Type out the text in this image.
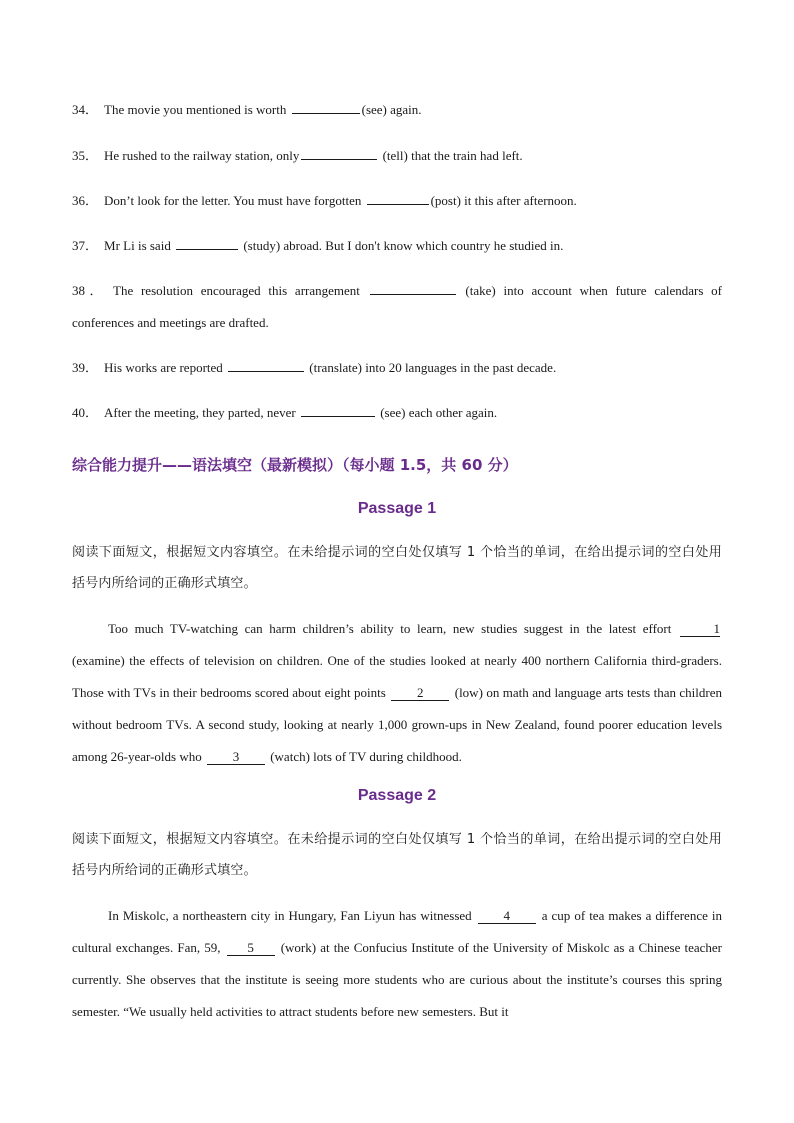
34． The movie you mentioned is worth	(see) again.
35． He rushed to the railway station, only	(tell) that the train had left.
36． Don’t look for the letter. You must have forgotten	(post) it this after afternoon.
37． Mr Li is said	(study) abroad. But I don't know which country he studied in.
38． The resolution encouraged this arrangement	(take) into account when future calendars of conferences and meetings are drafted.
39． His works are reported	(translate) into 20 languages in the past decade.
40． After the meeting, they parted, never	(see) each other again.
综合能力提升——语法填空（最新模拟）（每小题 1.5，共 60 分）
Passage 1
阅读下面短文，根据短文内容填空。在未给提示词的空白处仅填写 1 个恰当的单词，在给出提示词的空白处用括号内所给词的正确形式填空。
Too much TV-watching can harm children’s ability to learn, new studies suggest in the latest effort	1 (examine) the effects of television on children. One of the studies looked at nearly 400 northern California third-graders. Those with TVs in their bedrooms scored about eight points 2 (low) on math and language arts tests than children without bedroom TVs. A second study, looking at nearly 1,000 grown-ups in New Zealand, found poorer education levels among 26-year-olds who 3 (watch) lots of TV during childhood.
Passage 2
阅读下面短文，根据短文内容填空。在未给提示词的空白处仅填写 1 个恰当的单词，在给出提示词的空白处用括号内所给词的正确形式填空。
In Miskolc, a northeastern city in Hungary, Fan Liyun has witnessed 4 a cup of tea makes a difference in cultural exchanges. Fan, 59, 5 (work) at the Confucius Institute of the University of Miskolc as a Chinese teacher currently. She observes that the institute is seeing more students who are curious about the institute’s courses this spring semester. “We usually held activities to attract students before new semesters. But it
